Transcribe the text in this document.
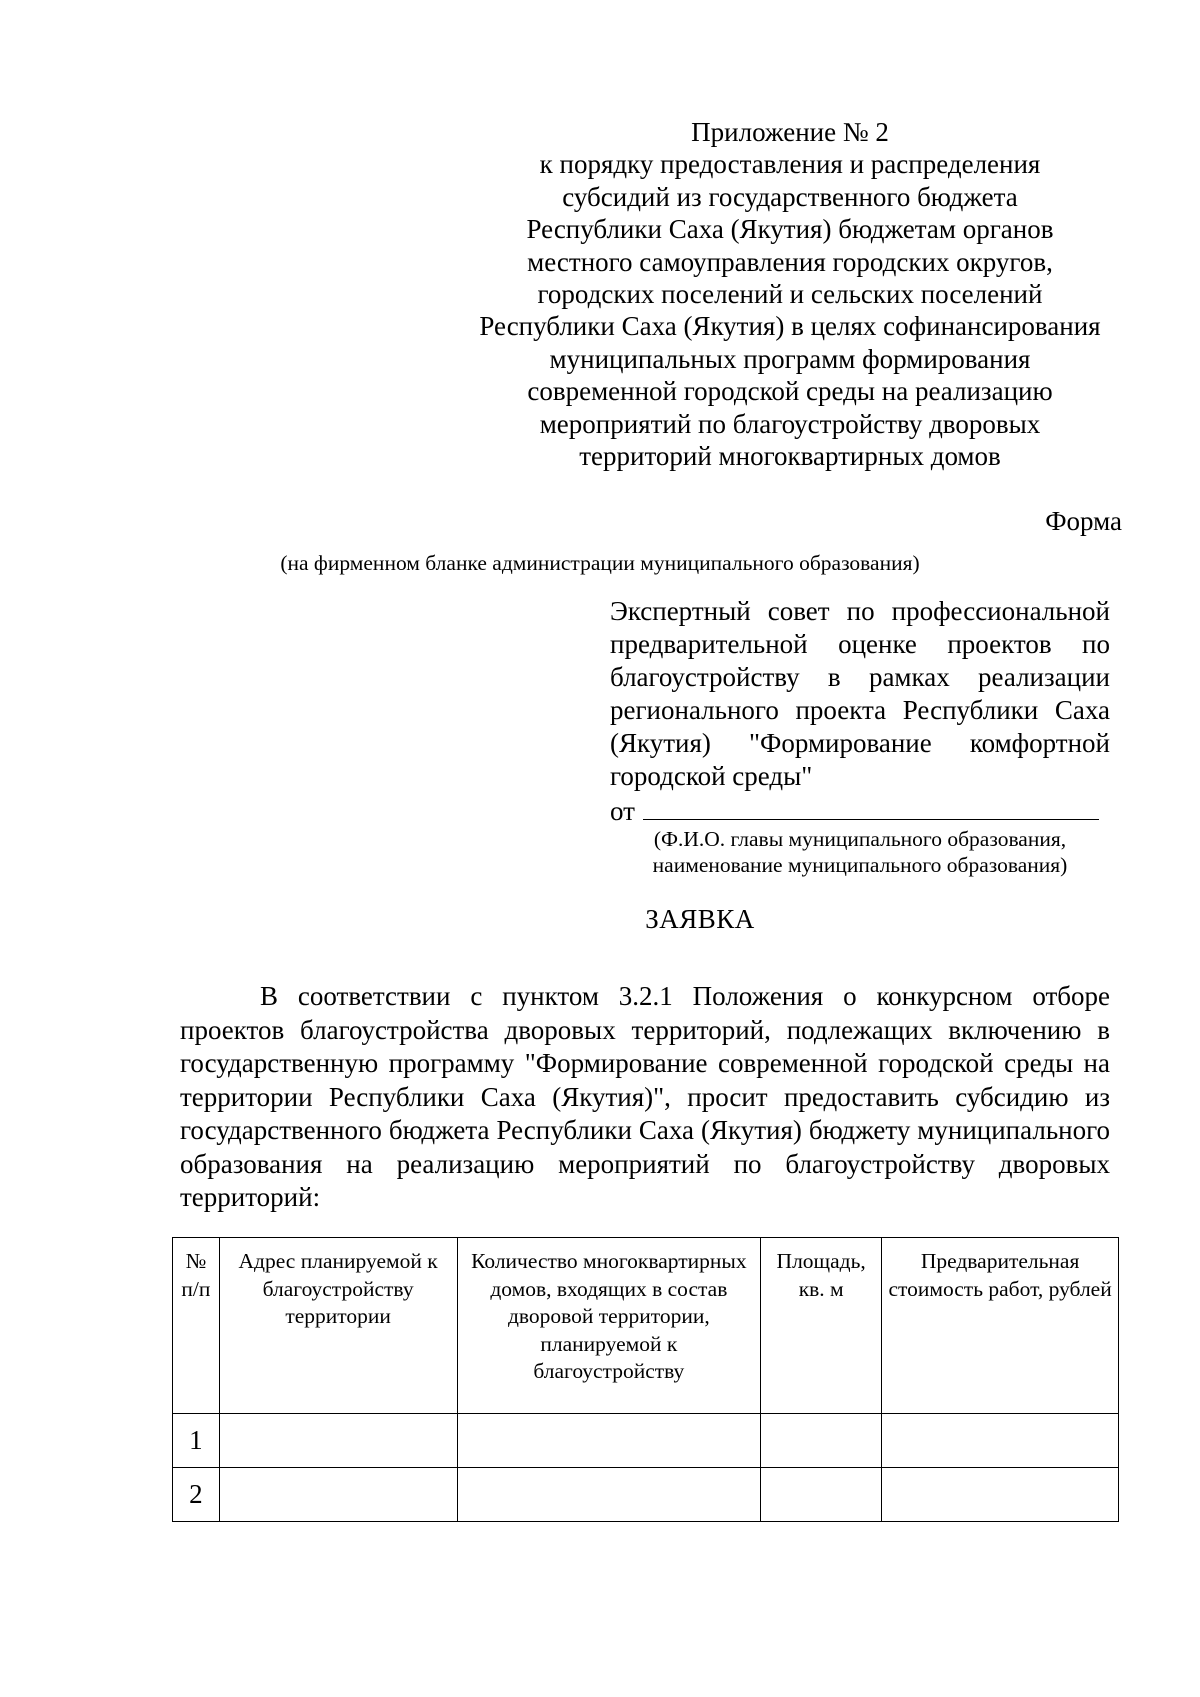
Приложение № 2
к порядку предоставления и распределения
субсидий из государственного бюджета
Республики Саха (Якутия) бюджетам органов
местного самоуправления городских округов,
городских поселений и сельских поселений
Республики Саха (Якутия) в целях софинансирования
муниципальных программ формирования
современной городской среды на реализацию
мероприятий по благоустройству дворовых
территорий многоквартирных домов
Форма
(на фирменном бланке администрации муниципального образования)
Экспертный совет по профессиональной предварительной оценке проектов по благоустройству в рамках реализации регионального проекта Республики Саха (Якутия) "Формирование комфортной городской среды"
от
(Ф.И.О. главы муниципального образования,
наименование муниципального образования)
ЗАЯВКА

В соответствии с пунктом 3.2.1 Положения о конкурсном отборе проектов благоустройства дворовых территорий, подлежащих включению в государственную программу "Формирование современной городской среды на территории Республики Саха (Якутия)", просит предоставить субсидию из государственного бюджета Республики Саха (Якутия) бюджету муниципального образования на реализацию мероприятий по благоустройству дворовых территорий:

№ п/п	Адрес планируемой к благоустройству территории	Количество многоквартирных домов, входящих в состав дворовой территории, планируемой к благоустройству	Площадь, кв. м	Предварительная стоимость работ, рублей
1				
2				
